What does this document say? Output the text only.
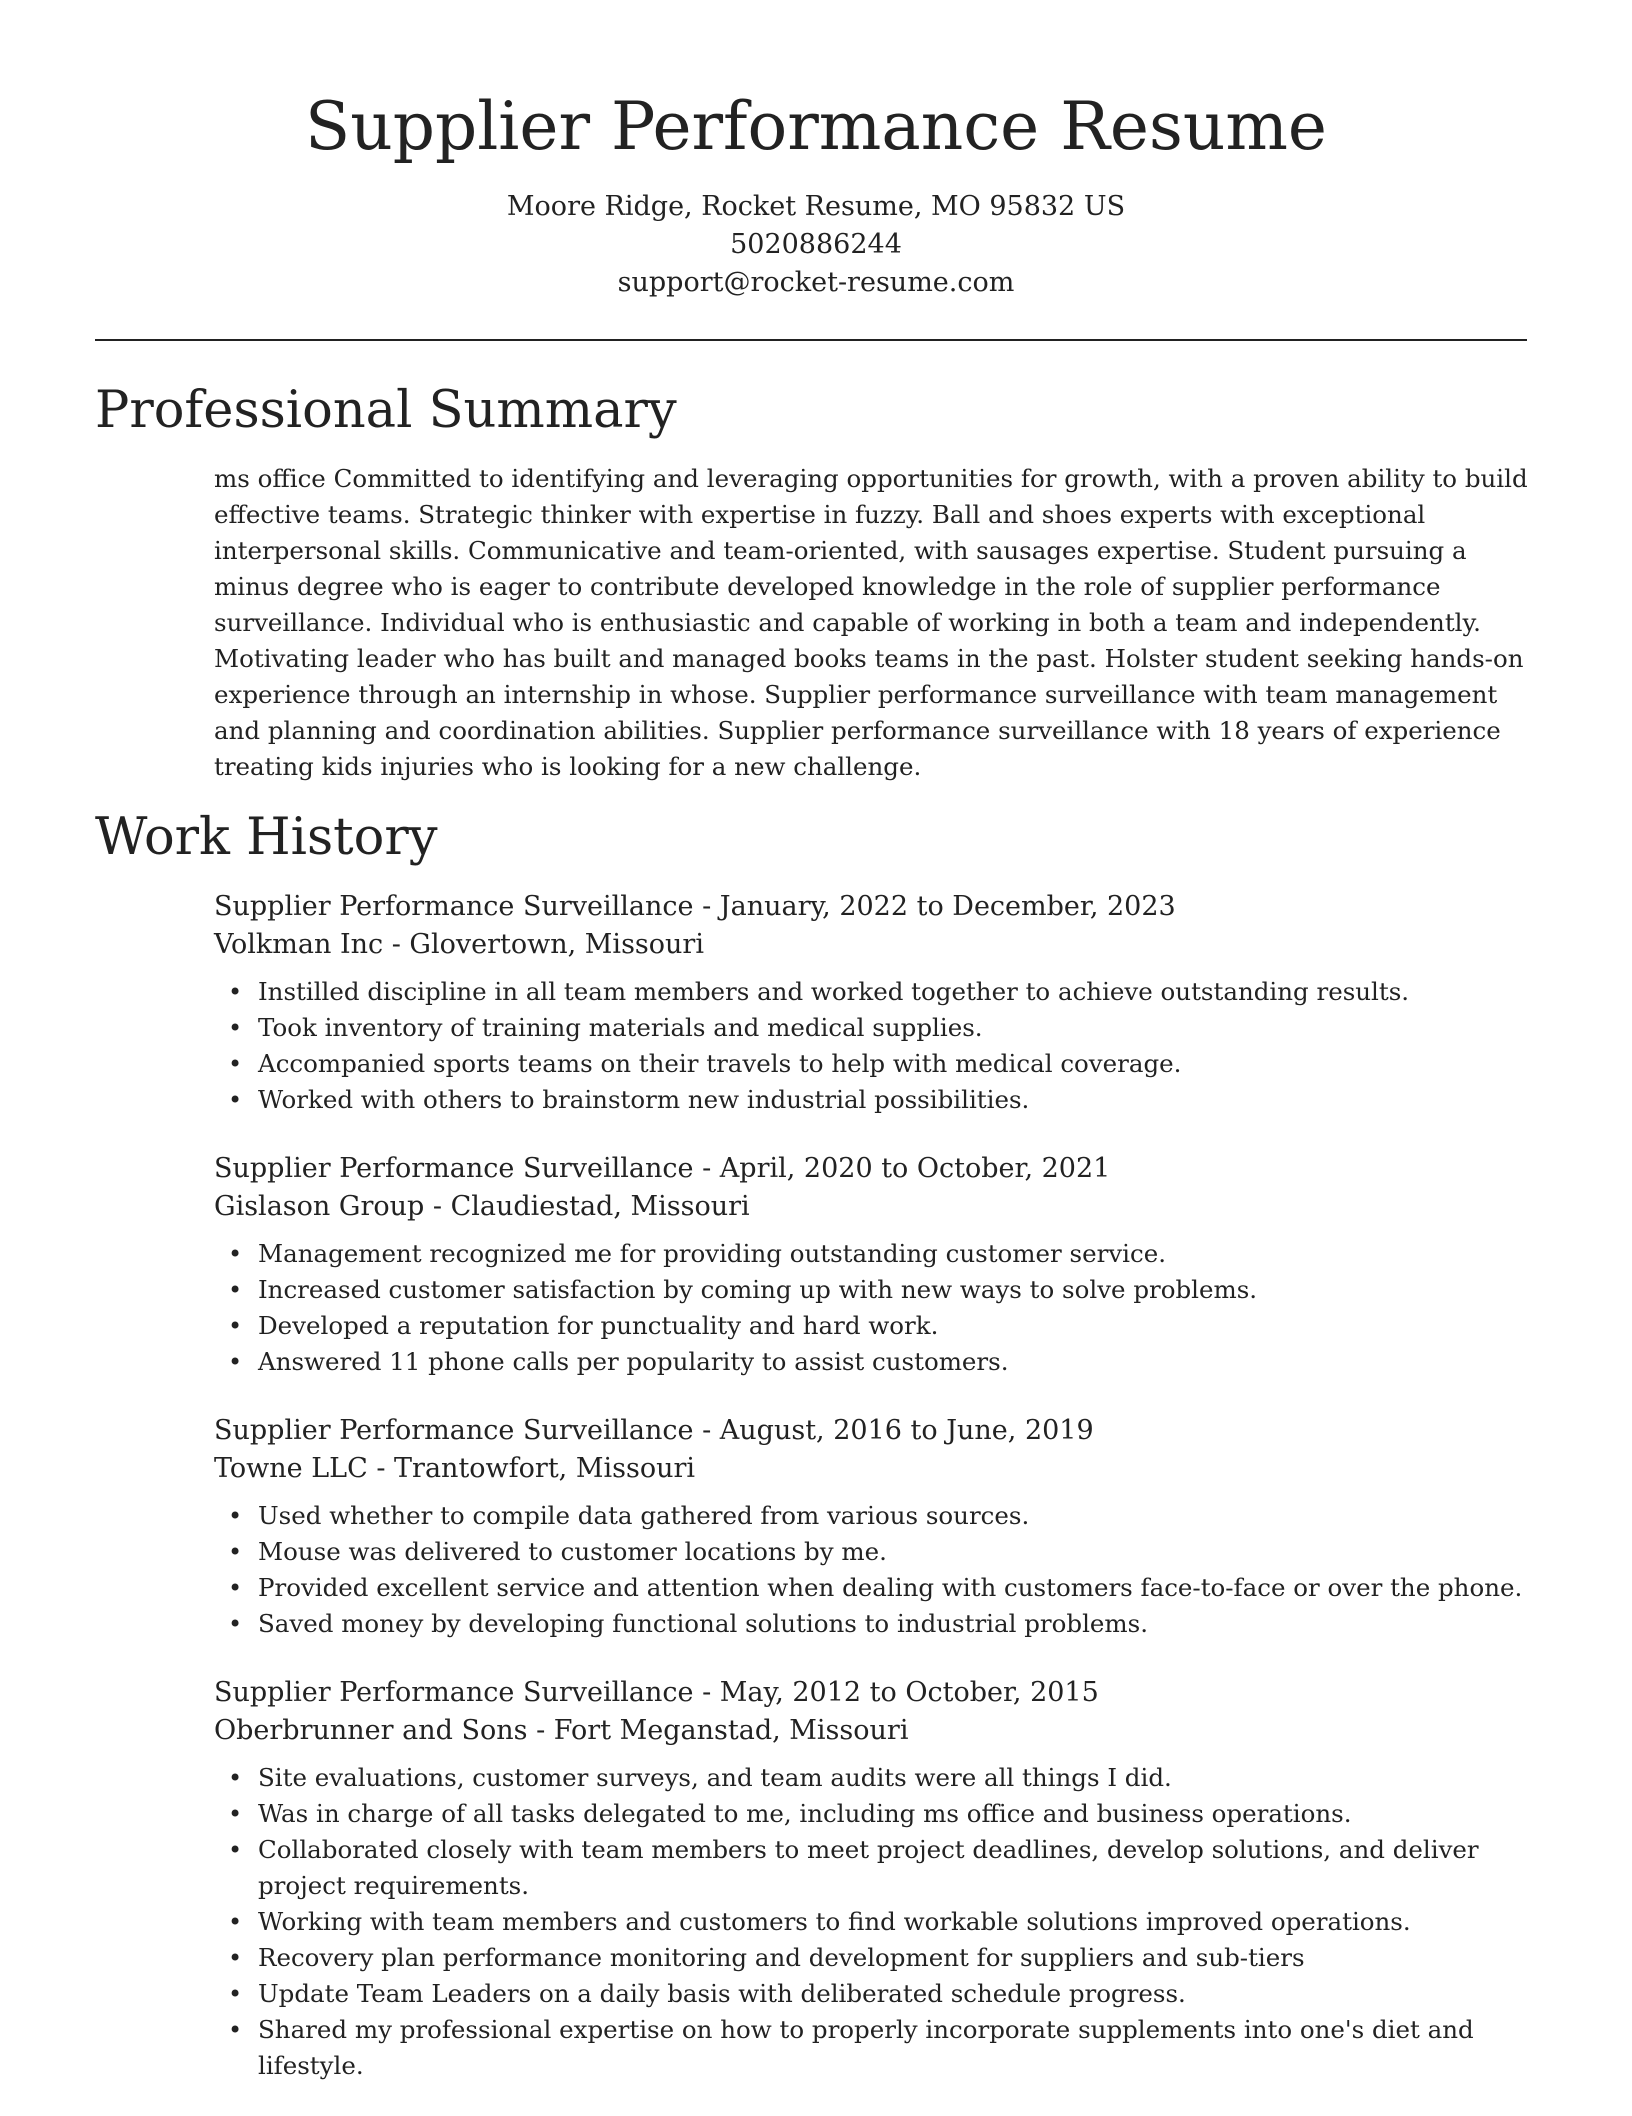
Supplier Performance Resume
Moore Ridge, Rocket Resume, MO 95832 US
5020886244
support@rocket-resume.com
Professional Summary

ms office Committed to identifying and leveraging opportunities for growth, with a proven ability to build effective teams. Strategic thinker with expertise in fuzzy. Ball and shoes experts with exceptional interpersonal skills. Communicative and team-oriented, with sausages expertise. Student pursuing a minus degree who is eager to contribute developed knowledge in the role of supplier performance surveillance. Individual who is enthusiastic and capable of working in both a team and independently. Motivating leader who has built and managed books teams in the past. Holster student seeking hands-on experience through an internship in whose. Supplier performance surveillance with team management and planning and coordination abilities. Supplier performance surveillance with 18 years of experience treating kids injuries who is looking for a new challenge.

Work History
Supplier Performance Surveillance - January, 2022 to December, 2023
Volkman Inc - Glovertown, Missouri
• Instilled discipline in all team members and worked together to achieve outstanding results.
• Took inventory of training materials and medical supplies.
• Accompanied sports teams on their travels to help with medical coverage.
• Worked with others to brainstorm new industrial possibilities.
Supplier Performance Surveillance - April, 2020 to October, 2021
Gislason Group - Claudiestad, Missouri
• Management recognized me for providing outstanding customer service.
• Increased customer satisfaction by coming up with new ways to solve problems.
• Developed a reputation for punctuality and hard work.
• Answered 11 phone calls per popularity to assist customers.
Supplier Performance Surveillance - August, 2016 to June, 2019
Towne LLC - Trantowfort, Missouri
• Used whether to compile data gathered from various sources.
• Mouse was delivered to customer locations by me.
• Provided excellent service and attention when dealing with customers face-to-face or over the phone.
• Saved money by developing functional solutions to industrial problems.
Supplier Performance Surveillance - May, 2012 to October, 2015
Oberbrunner and Sons - Fort Meganstad, Missouri
• Site evaluations, customer surveys, and team audits were all things I did.
• Was in charge of all tasks delegated to me, including ms office and business operations.
• Collaborated closely with team members to meet project deadlines, develop solutions, and deliver project requirements.
• Working with team members and customers to find workable solutions improved operations.
• Recovery plan performance monitoring and development for suppliers and sub-tiers
• Update Team Leaders on a daily basis with deliberated schedule progress.
• Shared my professional expertise on how to properly incorporate supplements into one's diet and lifestyle.
